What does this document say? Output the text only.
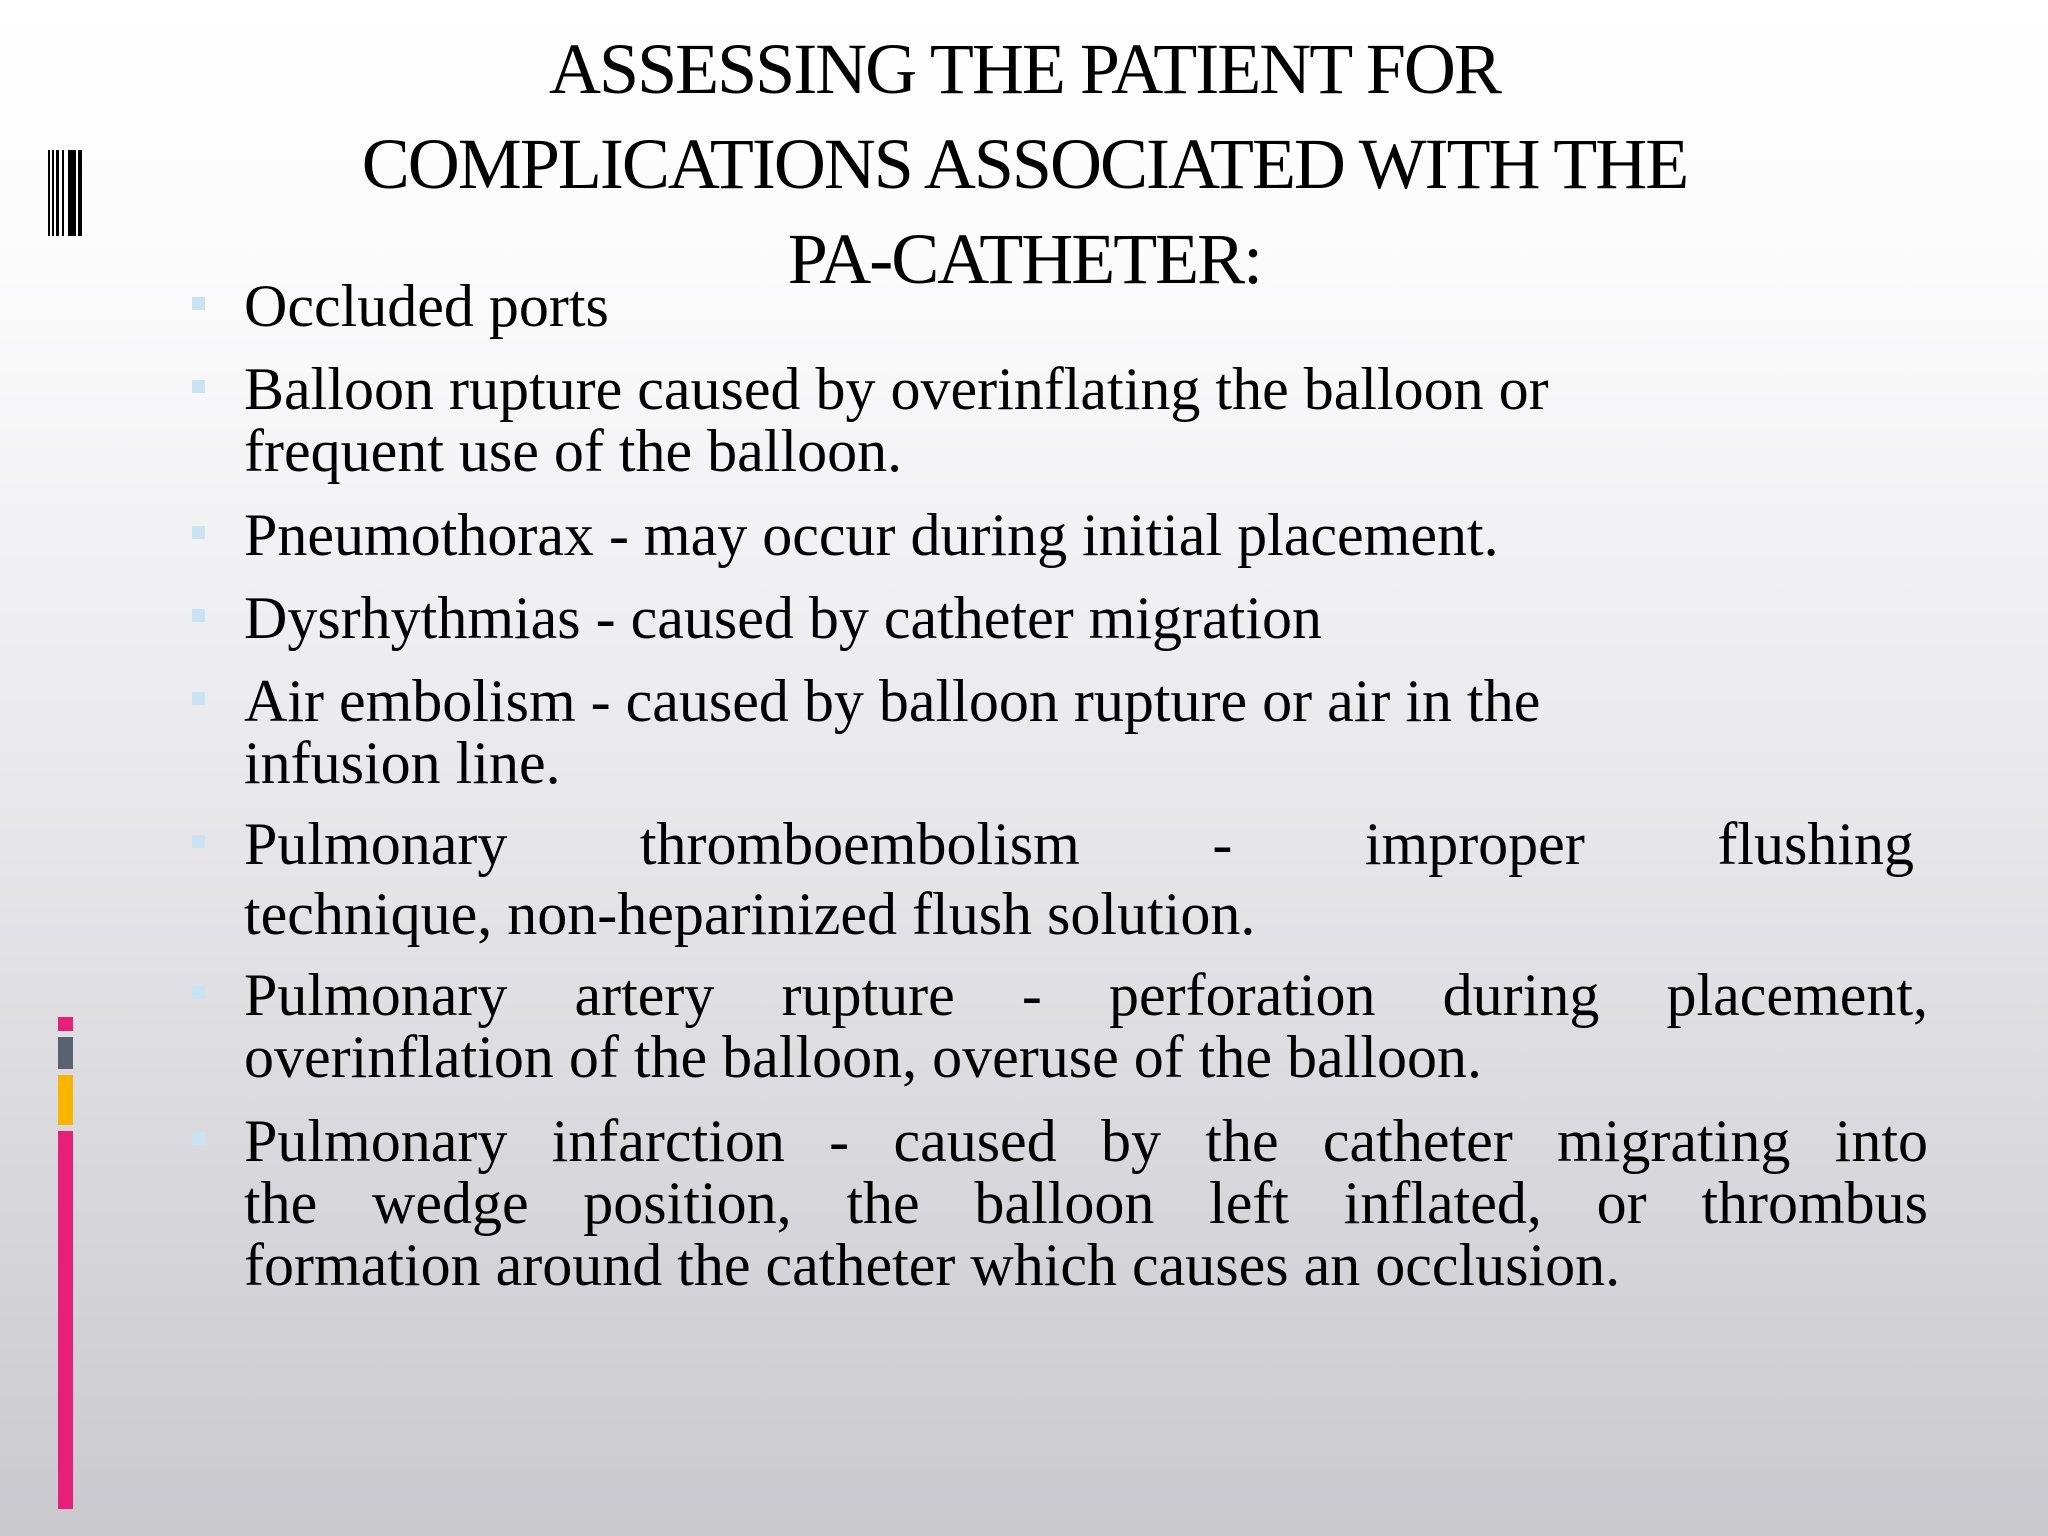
ASSESSING THE PATIENT FOR
COMPLICATIONS ASSOCIATED WITH THE
PA-CATHETER:
Occluded ports
Balloon rupture caused by overinflating the balloon or
frequent use of the balloon.
Pneumothorax - may occur during initial placement.
Dysrhythmias - caused by catheter migration
Air embolism - caused by balloon rupture or air in the
infusion line.
Pulmonary thromboembolism - improper flushing
technique, non-heparinized flush solution.
Pulmonary artery rupture - perforation during placement,
overinflation of the balloon, overuse of the balloon.
Pulmonary infarction - caused by the catheter migrating into
the wedge position, the balloon left inflated, or thrombus
formation around the catheter which causes an occlusion.
